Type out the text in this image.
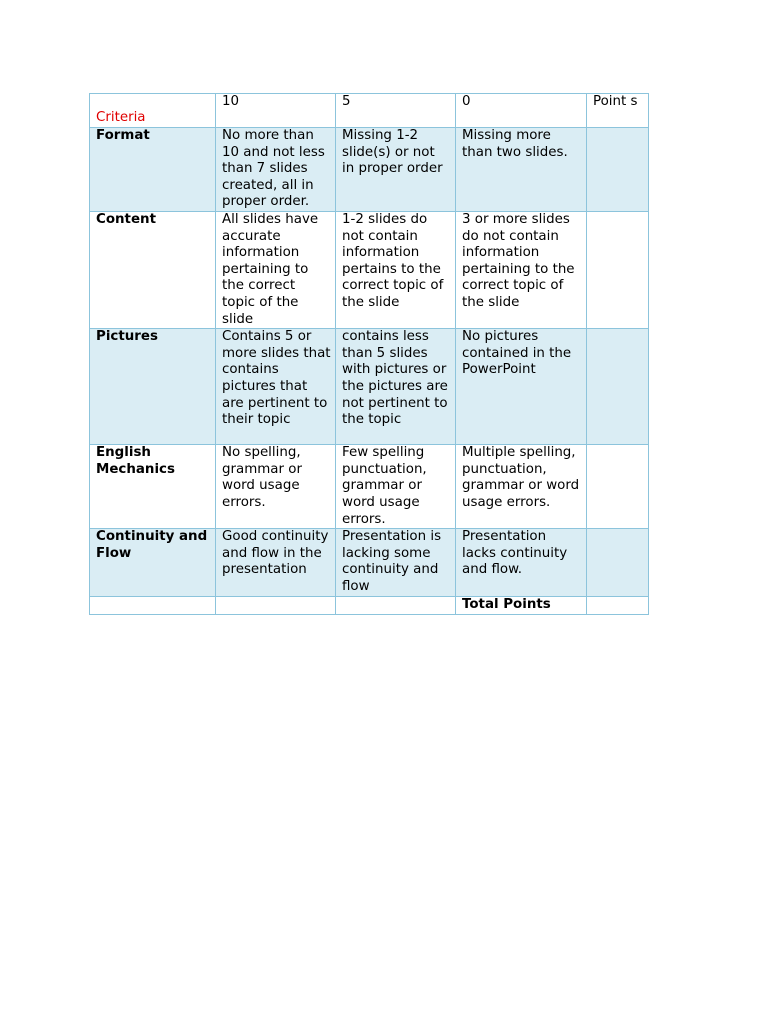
Criteria	10	5	0	Point s
Format	No more than 10 and not less than 7 slides created, all in proper order.	Missing 1-2 slide(s) or not in proper order	Missing more than two slides.	
Content	All slides have accurate information pertaining to the correct topic of the slide	1-2 slides do not contain information pertains to the correct topic of the slide	3 or more slides do not contain information pertaining to the correct topic of the slide	
Pictures	Contains 5 or more slides that contains pictures that are pertinent to their topic	contains less than 5 slides with pictures or the pictures are not pertinent to the topic	No pictures contained in the PowerPoint	
English Mechanics	No spelling, grammar or word usage errors.	Few spelling punctuation, grammar or word usage errors.	Multiple spelling, punctuation, grammar or word usage errors.	
Continuity and Flow	Good continuity and flow in the presentation	Presentation is lacking some continuity and flow	Presentation lacks continuity and flow.	
			Total Points	
